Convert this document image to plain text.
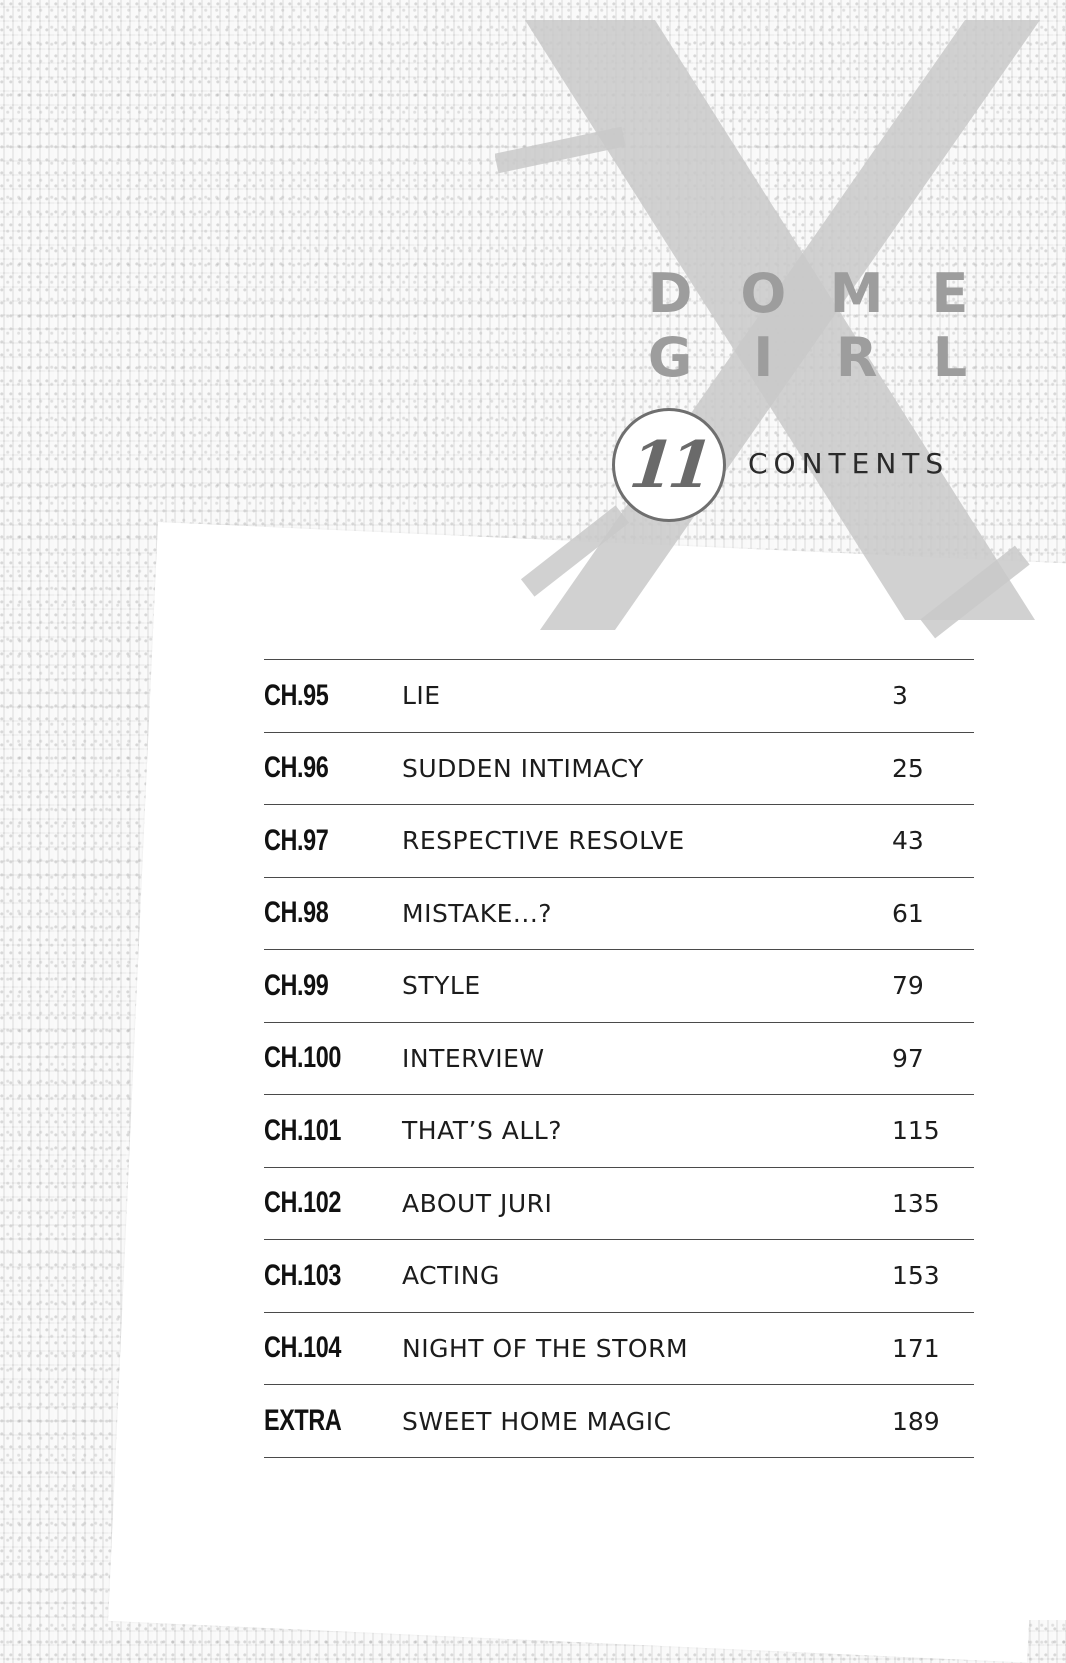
D O M E
G	I	R L
11 CONTENTS
CH.95	LIE	3
CH.96	SUDDEN INTIMACY	25
CH.97	RESPECTIVE RESOLVE	43
CH.98	MISTAKE...?	61
CH.99	STYLE	79
CH.100	INTERVIEW	97
CH.101	THAT’S ALL?	115
CH.102	ABOUT JURI	135
CH.103	ACTING	153
CH.104	NIGHT OF THE STORM	171
EXTRA	SWEET HOME MAGIC	189
